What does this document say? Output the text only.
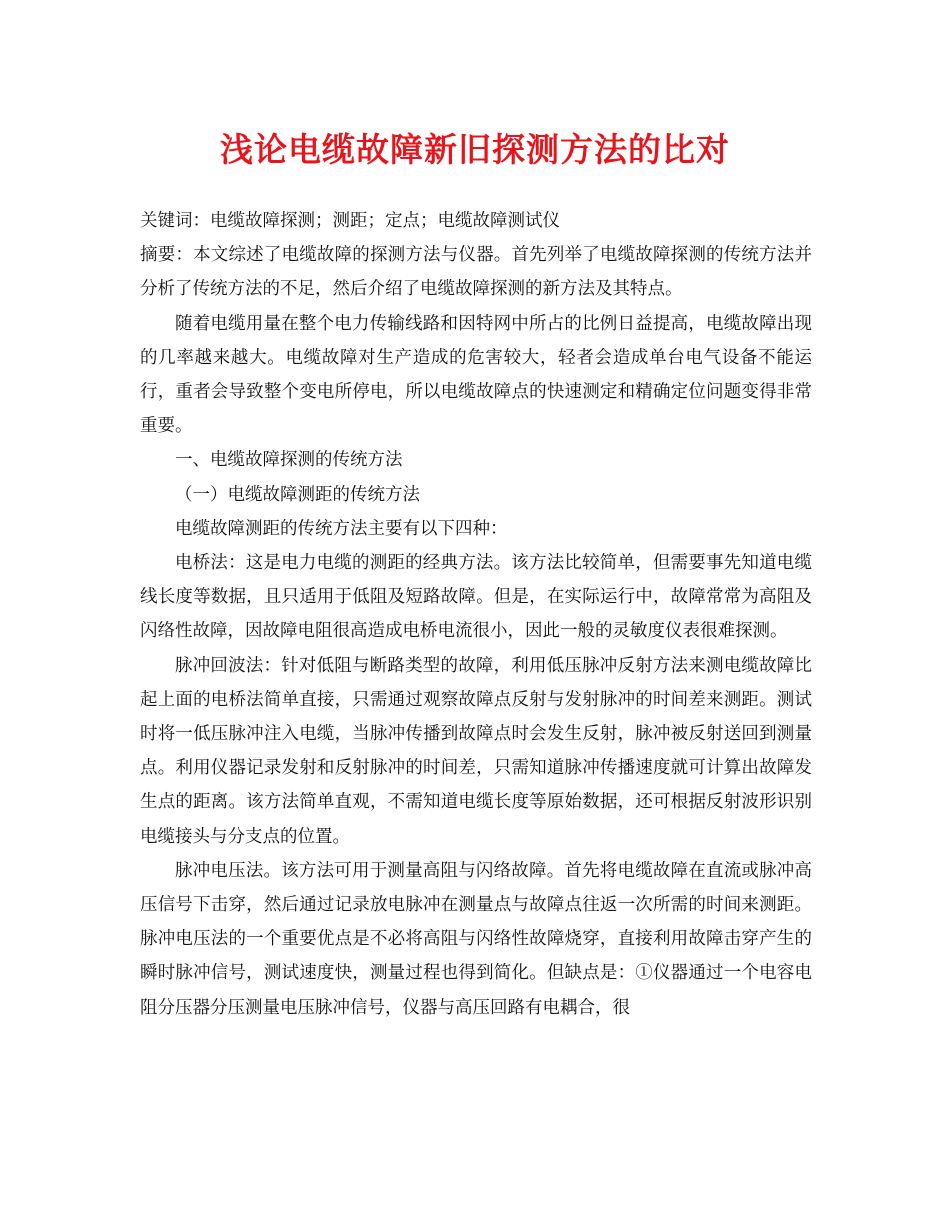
浅论电缆故障新旧探测方法的比对

关键词：电缆故障探测；测距；定点；电缆故障测试仪

摘要：本文综述了电缆故障的探测方法与仪器。首先列举了电缆故障探测的传统方法并分析了传统方法的不足，然后介绍了电缆故障探测的新方法及其特点。

随着电缆用量在整个电力传输线路和因特网中所占的比例日益提高，电缆故障出现的几率越来越大。电缆故障对生产造成的危害较大，轻者会造成单台电气设备不能运行，重者会导致整个变电所停电，所以电缆故障点的快速测定和精确定位问题变得非常重要。

一、电缆故障探测的传统方法

（一）电缆故障测距的传统方法

电缆故障测距的传统方法主要有以下四种：

电桥法：这是电力电缆的测距的经典方法。该方法比较简单，但需要事先知道电缆线长度等数据，且只适用于低阻及短路故障。但是，在实际运行中，故障常常为高阻及闪络性故障，因故障电阻很高造成电桥电流很小，因此一般的灵敏度仪表很难探测。

脉冲回波法：针对低阻与断路类型的故障，利用低压脉冲反射方法来测电缆故障比起上面的电桥法简单直接，只需通过观察故障点反射与发射脉冲的时间差来测距。测试时将一低压脉冲注入电缆，当脉冲传播到故障点时会发生反射，脉冲被反射送回到测量点。利用仪器记录发射和反射脉冲的时间差，只需知道脉冲传播速度就可计算出故障发生点的距离。该方法简单直观，不需知道电缆长度等原始数据，还可根据反射波形识别电缆接头与分支点的位置。

脉冲电压法。该方法可用于测量高阻与闪络故障。首先将电缆故障在直流或脉冲高压信号下击穿，然后通过记录放电脉冲在测量点与故障点往返一次所需的时间来测距。脉冲电压法的一个重要优点是不必将高阻与闪络性故障烧穿，直接利用故障击穿产生的瞬时脉冲信号，测试速度快，测量过程也得到简化。但缺点是：①仪器通过一个电容电阻分压器分压测量电压脉冲信号，仪器与高压回路有电耦合，很
